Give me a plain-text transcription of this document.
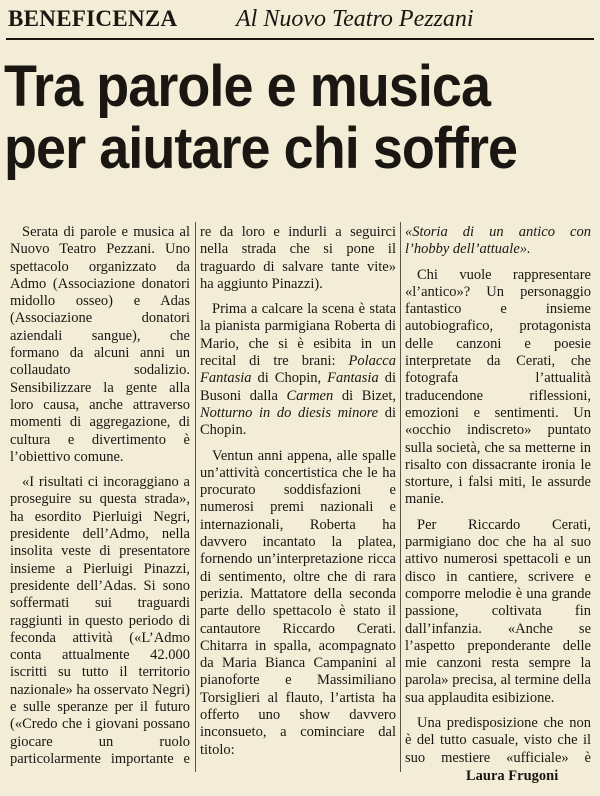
BENEFICENZA Al Nuovo Teatro Pezzani
Tra parole e musica
per aiutare chi soffre

Serata di parole e musica al Nuovo Teatro Pezzani. Uno spettacolo organizzato da Admo (Associazione donatori midollo osseo) e Adas (Associazione donatori aziendali sangue), che formano da alcuni anni un collaudato sodalizio. Sensibilizzare la gente alla loro causa, anche attraverso momenti di aggregazione, di cultura e divertimento è l’obiettivo comune.

«I risultati ci incoraggiano a proseguire su questa strada», ha esordito Pierluigi Negri, presidente dell’Admo, nella insolita veste di presentatore insieme a Pierluigi Pinazzi, presidente dell’Adas. Si sono soffermati sui traguardi raggiunti in questo periodo di feconda attività («L’Admo conta attualmente 42.000 iscritti su tutto il territorio nazionale» ha osservato Negri) e sulle speranze per il futuro («Credo che i giovani possano giocare un ruolo particolarmente importante e

re da loro e indurli a seguirci nella strada che si pone il traguardo di salvare tante vite» ha aggiunto Pinazzi).

Prima a calcare la scena è stata la pianista parmigiana Roberta di Mario, che si è esibita in un recital di tre brani: Polacca Fantasia di Chopin, Fantasia di Busoni dalla Carmen di Bizet, Notturno in do diesis minore di Chopin.

Ventun anni appena, alle spalle un’attività concertistica che le ha procurato soddisfazioni e numerosi premi nazionali e internazionali, Roberta ha davvero incantato la platea, fornendo un’interpretazione ricca di sentimento, oltre che di rara perizia. Mattatore della seconda parte dello spettacolo è stato il cantautore Riccardo Cerati. Chitarra in spalla, acompagnato da Maria Bianca Campanini al pianoforte e Massimiliano Torsiglieri al flauto, l’artista ha offerto uno show davvero inconsueto, a cominciare dal titolo:

«Storia di un antico con l’hobby dell’attuale».

Chi vuole rappresentare «l’antico»? Un personaggio fantastico e insieme autobiografico, protagonista delle canzoni e poesie interpretate da Cerati, che fotografa l’attualità traducendone riflessioni, emozioni e sentimenti. Un «occhio indiscreto» puntato sulla società, che sa metterne in risalto con dissacrante ironia le storture, i falsi miti, le assurde manie.

Per Riccardo Cerati, parmigiano doc che ha al suo attivo numerosi spettacoli e un disco in cantiere, scrivere e comporre melodie è una grande passione, coltivata fin dall’infanzia. «Anche se l’aspetto preponderante delle mie canzoni resta sempre la parola» precisa, al termine della sua applaudita esibizione.

Una predisposizione che non è del tutto casuale, visto che il suo mestiere «ufficiale» è

Laura Frugoni
